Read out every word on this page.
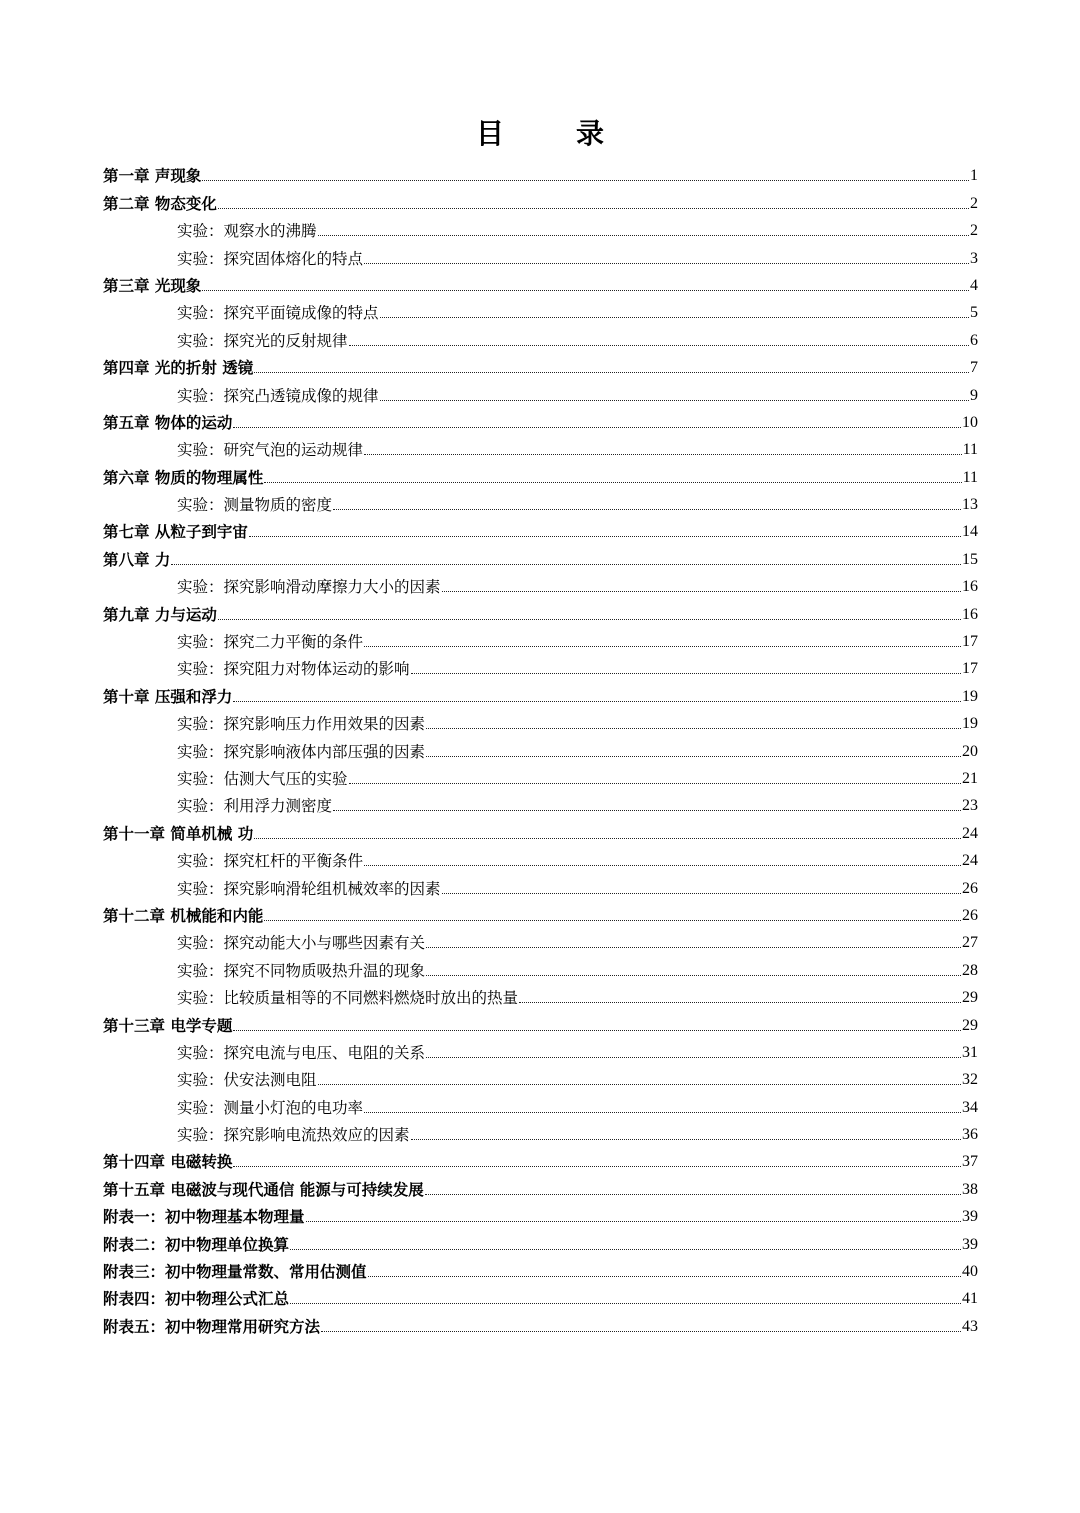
目　录
第一章 声现象	1
第二章 物态变化	2
实验：观察水的沸腾	2
实验：探究固体熔化的特点	3
第三章 光现象	4
实验：探究平面镜成像的特点	5
实验：探究光的反射规律	6
第四章 光的折射 透镜	7
实验：探究凸透镜成像的规律	9
第五章 物体的运动	10
实验：研究气泡的运动规律	11
第六章 物质的物理属性	11
实验：测量物质的密度	13
第七章 从粒子到宇宙	14
第八章 力	15
实验：探究影响滑动摩擦力大小的因素	16
第九章 力与运动	16
实验：探究二力平衡的条件	17
实验：探究阻力对物体运动的影响	17
第十章 压强和浮力	19
实验：探究影响压力作用效果的因素	19
实验：探究影响液体内部压强的因素	20
实验：估测大气压的实验	21
实验：利用浮力测密度	23
第十一章 简单机械 功	24
实验：探究杠杆的平衡条件	24
实验：探究影响滑轮组机械效率的因素	26
第十二章 机械能和内能	26
实验：探究动能大小与哪些因素有关	27
实验：探究不同物质吸热升温的现象	28
实验：比较质量相等的不同燃料燃烧时放出的热量	29
第十三章 电学专题	29
实验：探究电流与电压、电阻的关系	31
实验：伏安法测电阻	32
实验：测量小灯泡的电功率	34
实验：探究影响电流热效应的因素	36
第十四章 电磁转换	37
第十五章 电磁波与现代通信 能源与可持续发展	38
附表一：初中物理基本物理量	39
附表二：初中物理单位换算	39
附表三：初中物理量常数、常用估测值	40
附表四：初中物理公式汇总	41
附表五：初中物理常用研究方法	43
